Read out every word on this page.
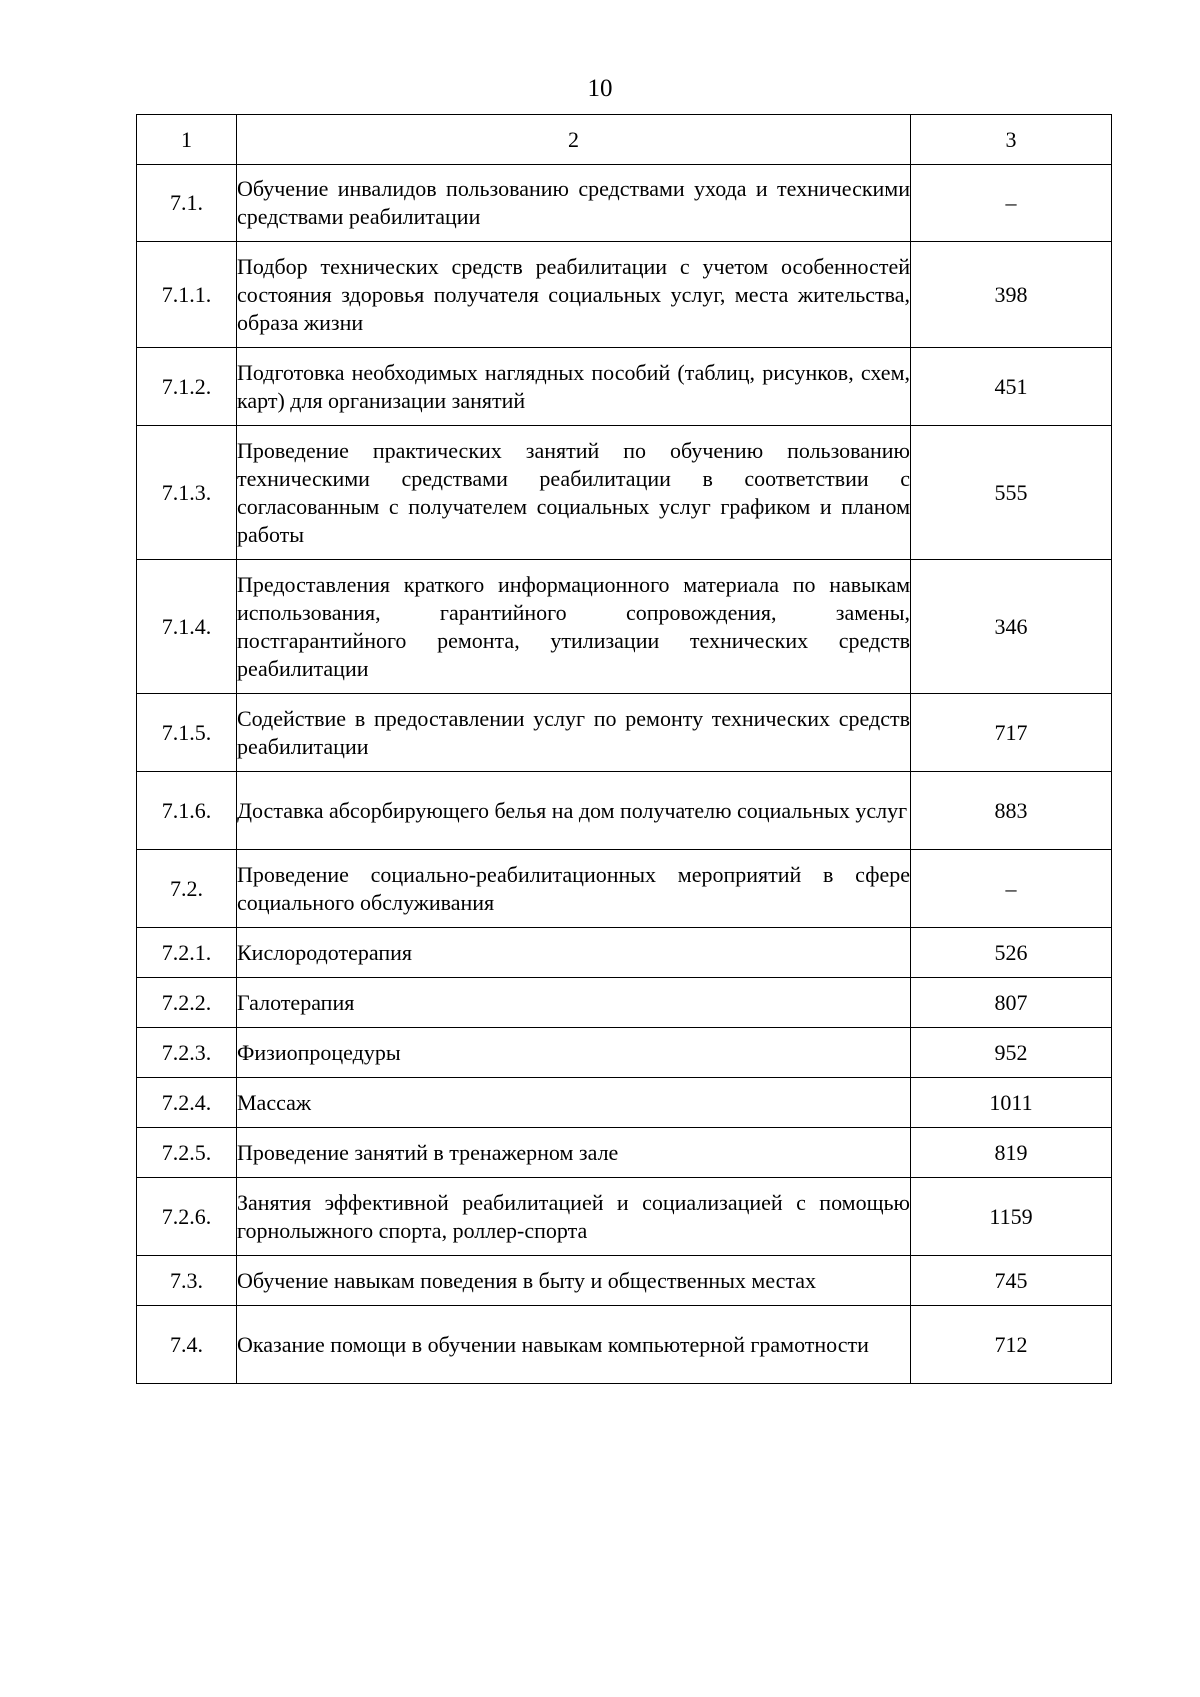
10
1	2	3
7.1.	Обучение инвалидов пользованию средствами ухода и техническими средствами реабилитации	–
7.1.1.	Подбор технических средств реабилитации с учетом особенностей состояния здоровья получателя социальных услуг, места жительства, образа жизни	398
7.1.2.	Подготовка необходимых наглядных пособий (таблиц, рисунков, схем, карт) для организации занятий	451
7.1.3.	Проведение практических занятий по обучению пользованию техническими средствами реабилитации в соответствии с согласованным с получателем социальных услуг графиком и планом работы	555
7.1.4.	Предоставления краткого информационного материала по навыкам использования, гарантийного сопровождения, замены, постгарантийного ремонта, утилизации технических средств реабилитации	346
7.1.5.	Содействие в предоставлении услуг по ремонту технических средств реабилитации	717
7.1.6.	Доставка абсорбирующего белья на дом получателю социальных услуг	883
7.2.	Проведение социально-реабилитационных мероприятий в сфере социального обслуживания	–
7.2.1.	Кислородотерапия	526
7.2.2.	Галотерапия	807
7.2.3.	Физиопроцедуры	952
7.2.4.	Массаж	1011
7.2.5.	Проведение занятий в тренажерном зале	819
7.2.6.	Занятия эффективной реабилитацией и социализацией с помощью горнолыжного спорта, роллер-спорта	1159
7.3.	Обучение навыкам поведения в быту и общественных местах	745
7.4.	Оказание помощи в обучении навыкам компьютерной грамотности	712
